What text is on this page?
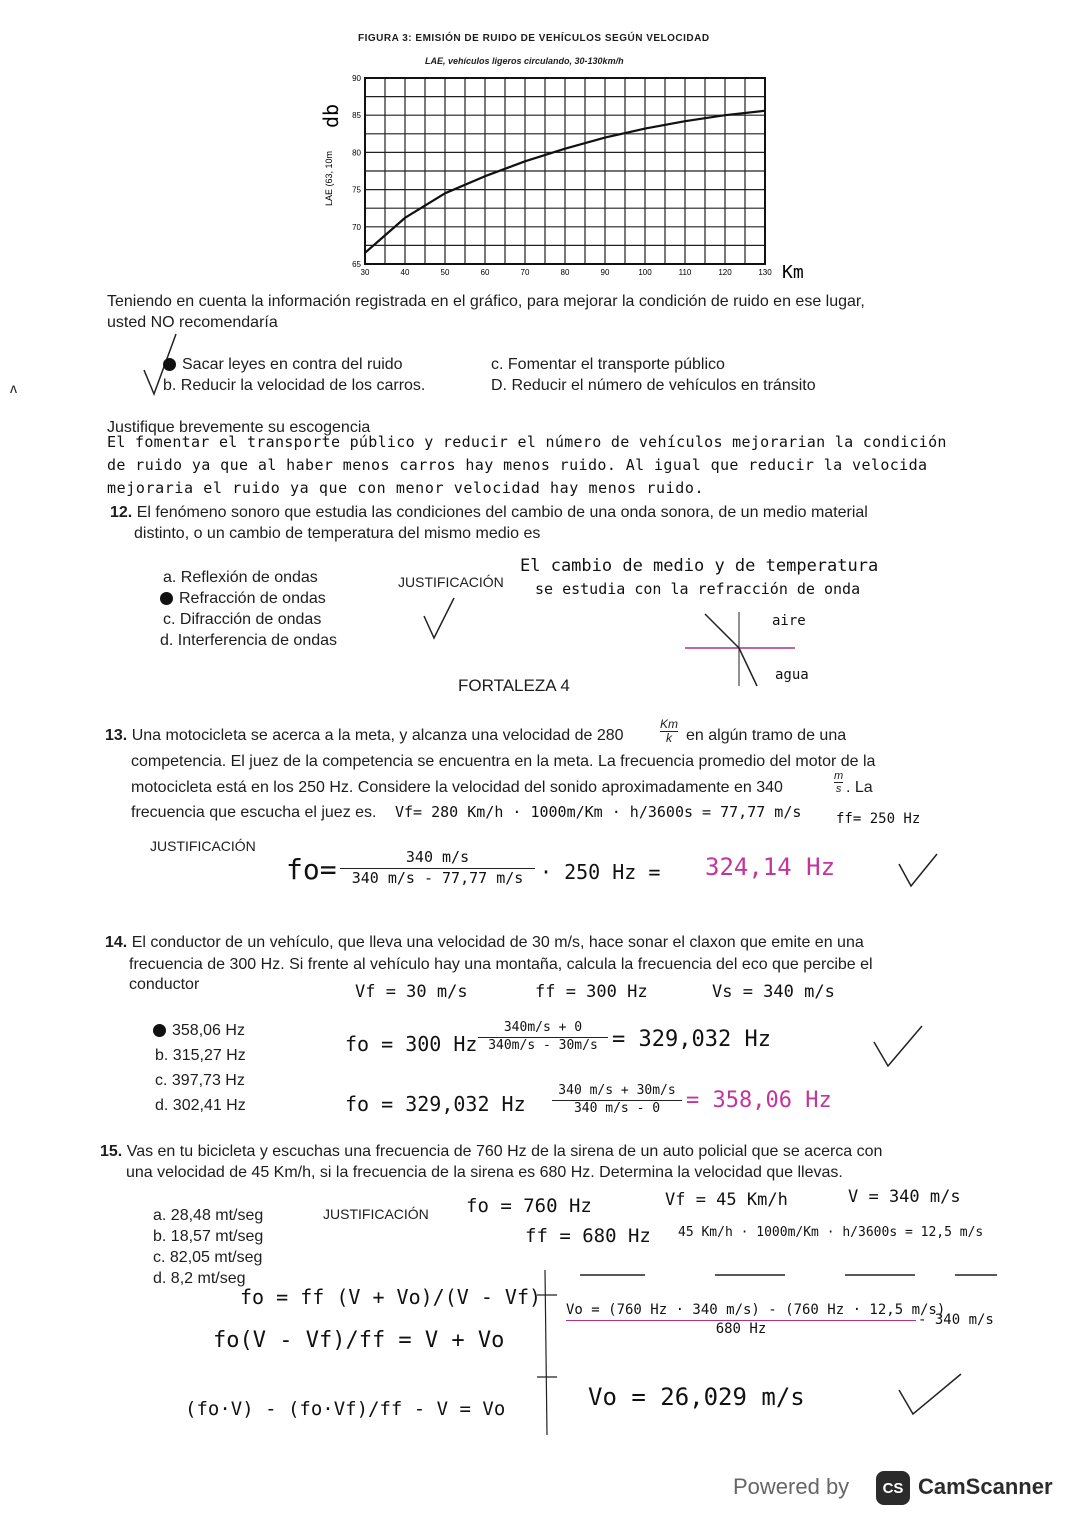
FIGURA 3: EMISIÓN DE RUIDO DE VEHÍCULOS SEGÚN VELOCIDAD
LAE, vehículos ligeros circulando, 30-130km/h
30	40	50	60	70	80	90	100	110	120	130
65
70
75
80
85
90
LAE (63, 10m
db
Km
Teniendo en cuenta la información registrada en el gráfico, para mejorar la condición de ruido en ese lugar,
usted NO recomendaría
ʌ
Sacar leyes en contra del ruido
b. Reducir la velocidad de los carros.
c. Fomentar el transporte público
D. Reducir el número de vehículos en tránsito
Justifique brevemente su escogencia
El fomentar el transporte público y reducir el número de vehículos mejorarian la condición
de ruido ya que al haber menos carros hay menos ruido. Al igual que reducir la velocida
mejoraria el ruido ya que con menor velocidad hay menos ruido.
12. El fenómeno sonoro que estudia las condiciones del cambio de una onda sonora, de un medio material
distinto, o un cambio de temperatura del mismo medio es
a. Reflexión de ondas
Refracción de ondas
c. Difracción de ondas
d. Interferencia de ondas
JUSTIFICACIÓN
El cambio de medio y de temperatura
se estudia con la refracción de onda
aire
agua
FORTALEZA 4
13. Una motocicleta se acerca a la meta, y alcanza una velocidad de 280
Km
k en algún tramo de una
competencia. El juez de la competencia se encuentra en la meta. La frecuencia promedio del motor de la
motocicleta está en los 250 Hz. Considere la velocidad del sonido aproximadamente en 340
m
s . La
frecuencia que escucha el juez es. Vf= 280 Km/h · 1000m/Km · h/3600s = 77,77 m/s ff= 250 Hz
JUSTIFICACIÓN
fo=	340 m/s
340 m/s - 77,77 m/s · 250 Hz = 324,14 Hz
14. El conductor de un vehículo, que lleva una velocidad de 30 m/s, hace sonar el claxon que emite en una
frecuencia de 300 Hz. Si frente al vehículo hay una montaña, calcula la frecuencia del eco que percibe el
conductor	Vf = 30 m/s	ff = 300 Hz	Vs = 340 m/s
358,06 Hz
b. 315,27 Hz
c. 397,73 Hz
d. 302,41 Hz
fo = 300 Hz
340m/s + 0
340m/s - 30m/s = 329,032 Hz
fo = 329,032 Hz
340 m/s + 30m/s
340 m/s - 0	= 358,06 Hz
15. Vas en tu bicicleta y escuchas una frecuencia de 760 Hz de la sirena de un auto policial que se acerca con
una velocidad de 45 Km/h, si la frecuencia de la sirena es 680 Hz. Determina la velocidad que llevas.
a. 28,48 mt/seg
b. 18,57 mt/seg
c. 82,05 mt/seg
d. 8,2 mt/seg
JUSTIFICACIÓN fo = 760 Hz
ff = 680 Hz
Vf = 45 Km/h	V = 340 m/s
45 Km/h · 1000m/Km · h/3600s = 12,5 m/s
fo = ff (V + Vo)/(V - Vf)
fo(V - Vf)/ff = V + Vo
(fo·V) - (fo·Vf)/ff - V = Vo
Vo = (760 Hz · 340 m/s) - (760 Hz · 12,5 m/s)
680 Hz
- 340 m/s
Vo = 26,029 m/s
Powered by CS CamScanner
